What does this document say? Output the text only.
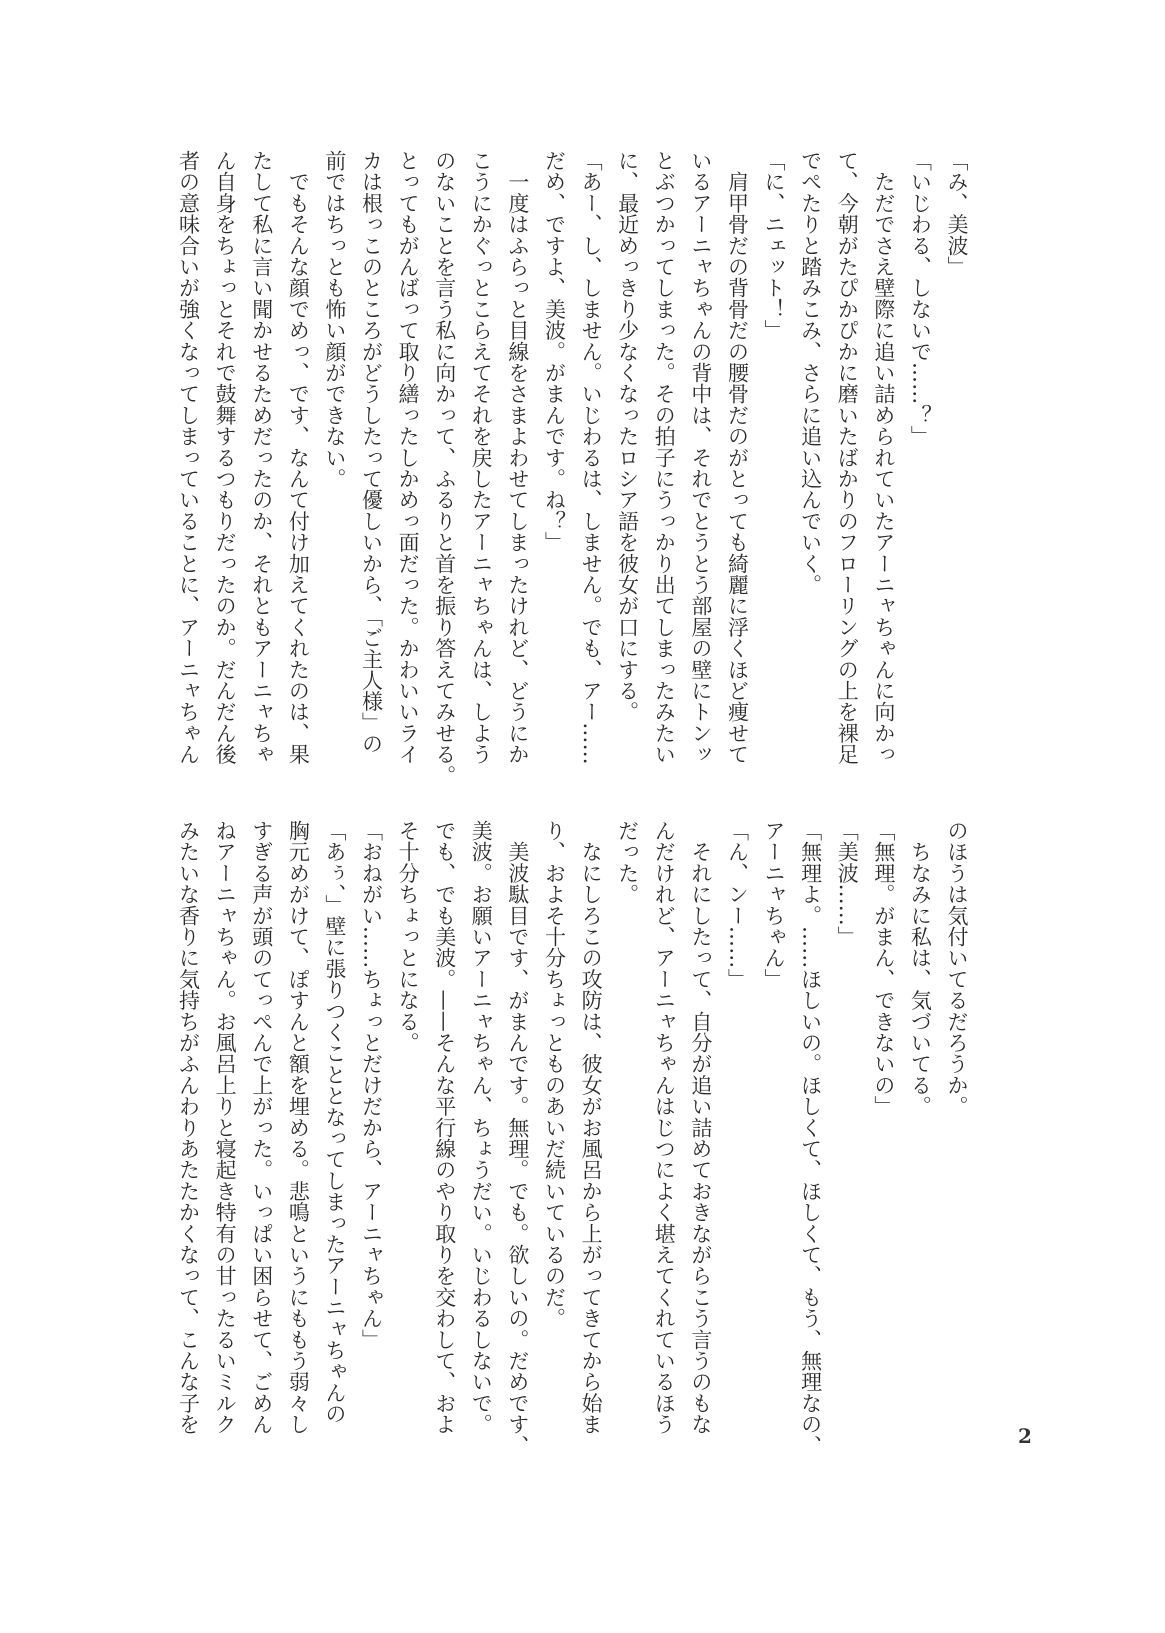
「み、美波」
「いじわる、しないで……？」
　ただでさえ壁際に追い詰められていたアーニャちゃんに向かっ
て、今朝がたぴかぴかに磨いたばかりのフローリングの上を裸足
でぺたりと踏みこみ、さらに追い込んでいく。
「に、ニェット！」
　肩甲骨だの背骨だの腰骨だのがとっても綺麗に浮くほど痩せて
いるアーニャちゃんの背中は、それでとうとう部屋の壁にトンッ
とぶつかってしまった。その拍子にうっかり出てしまったみたい
に、最近めっきり少なくなったロシア語を彼女が口にする。
「あー、し、しません。いじわるは、しません。でも、アー……
だめ、ですよ、美波。がまんです。ね？」
　一度はふらっと目線をさまよわせてしまったけれど、どうにか
こうにかぐっとこらえてそれを戻したアーニャちゃんは、しよう
のないことを言う私に向かって、ふるりと首を振り答えてみせる。
とってもがんばって取り繕ったしかめっ面だった。かわいいライ
カは根っこのところがどうしたって優しいから、「ご主人様」の
前ではちっとも怖い顔ができない。
　でもそんな顔でめっ、です、なんて付け加えてくれたのは、果
たして私に言い聞かせるためだったのか、それともアーニャちゃ
ん自身をちょっとそれで鼓舞するつもりだったのか。だんだん後
者の意味合いが強くなってしまっていることに、アーニャちゃん
のほうは気付いてるだろうか。
　ちなみに私は、気づいてる。
「無理。がまん、できないの」
「美波……」
「無理よ。……ほしいの。ほしくて、ほしくて、もう、無理なの、
アーニャちゃん」
「ん、ンー……」
　それにしたって、自分が追い詰めておきながらこう言うのもな
んだけれど、アーニャちゃんはじつによく堪えてくれているほう
だった。
　なにしろこの攻防は、彼女がお風呂から上がってきてから始ま
り、およそ十分ちょっとものあいだ続いているのだ。
　美波駄目です、がまんです。無理。でも。欲しいの。だめです、
美波。お願いアーニャちゃん、ちょうだい。いじわるしないで。
でも、でも美波。——そんな平行線のやり取りを交わして、およ
そ十分ちょっとになる。
「おねがい……ちょっとだけだから、アーニャちゃん」
「あぅ、」壁に張りつくこととなってしまったアーニャちゃんの
胸元めがけて、ぽすんと額を埋める。悲鳴というにももう弱々し
すぎる声が頭のてっぺんで上がった。いっぱい困らせて、ごめん
ねアーニャちゃん。お風呂上りと寝起き特有の甘ったるいミルク
みたいな香りに気持ちがふんわりあたたかくなって、こんな子を
2
